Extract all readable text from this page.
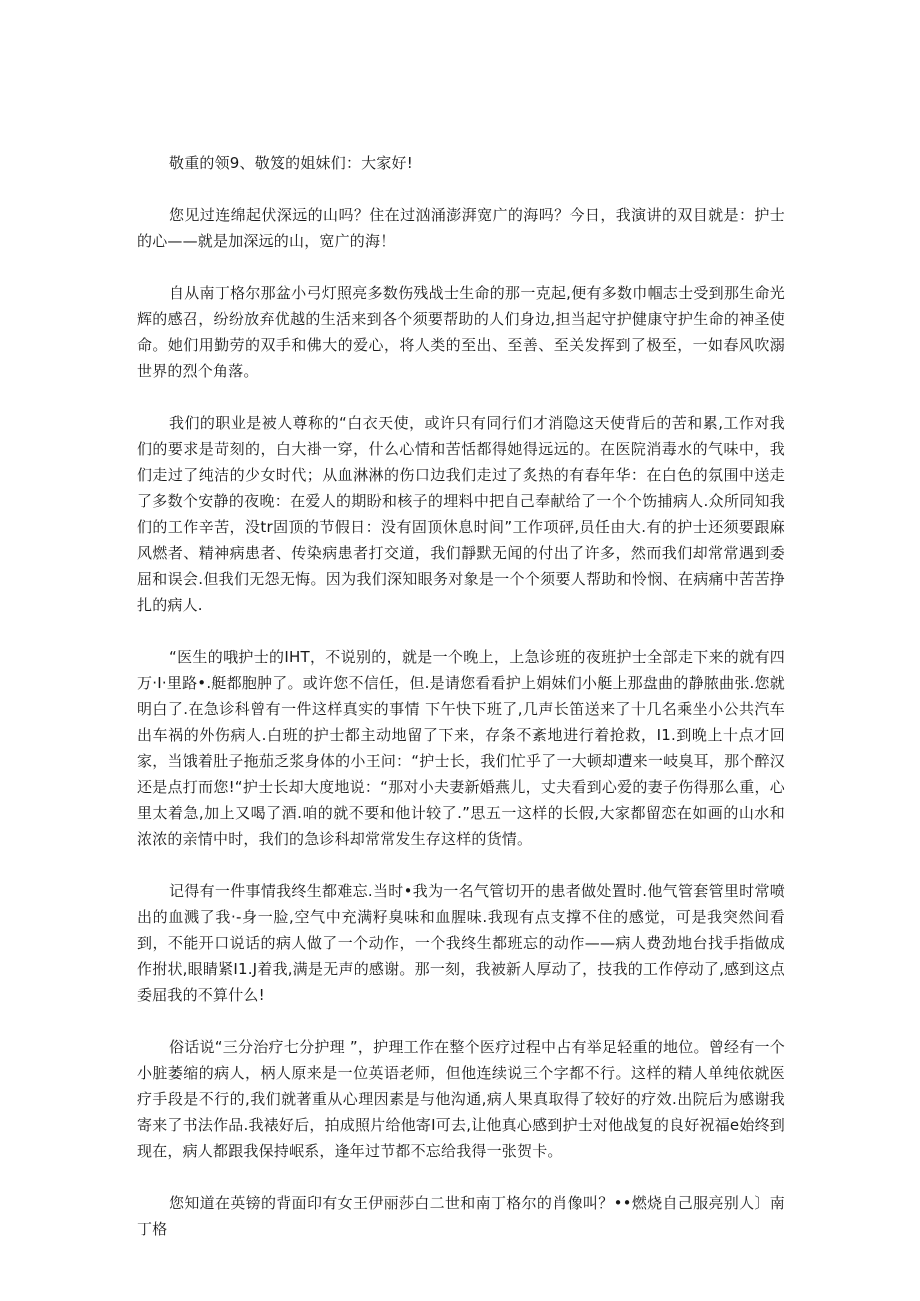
敬重的领9、敬笈的姐妹们：大家好!

您见过连绵起伏深远的山吗？住在过汹涌澎湃宽广的海吗？今日，我演讲的双目就是：护士的心——就是加深远的山，宽广的海！

自从南丁格尔那盆小弓灯照亮多数伤残战士生命的那一克起,便有多数巾帼志士受到那生命光辉的感召，纷纷放弃优越的生活来到各个须要帮助的人们身边,担当起守护健康守护生命的神圣使命。她们用勤劳的双手和佛大的爱心，将人类的至出、至善、至关发挥到了极至，一如春风吹溺世界的烈个角落。

我们的职业是被人尊称的“白衣天使，或许只有同行们才消隐这天使背后的苦和累,工作对我们的要求是苛刻的，白大褂一穿，什么心情和苦恬都得她得远远的。在医院消毒水的气味中，我们走过了纯洁的少女时代；从血淋淋的伤口边我们走过了炙热的有春年华：在白色的氛围中送走了多数个安静的夜晚：在爱人的期盼和核子的埋料中把自己奉献给了一个个饬捕病人.众所同知我们的工作辛苦，没tr固顶的节假日：没有固顶休息时间”工作项砰,员任由大.有的护士还须要跟麻风燃者、精神病患者、传染病患者打交道，我们靜默无闻的付出了许多，然而我们却常常遇到委屈和误会.但我们无怨无悔。因为我们深知眼务对象是一个个须要人帮助和怜悯、在病痛中苦苦挣扎的病人.

“医生的哦护士的IHT，不说别的，就是一个晚上，上急诊班的夜班护士全部走下来的就有四万·I·里路•.艇都胞肿了。或许您不信任，但.是请您看看护上娟妹们小艇上那盘曲的静脓曲张.您就明白了.在急诊科曾有一件这样真实的事情 下午快下班了,几声长笛送来了十几名乘坐小公共汽车出车祸的外伤病人.白班的护士都主动地留了下来，存条不紊地进行着抢救，I1.到晚上十点才回家，当饿着肚子拖茄乏浆身体的小王问：“护士长，我们忙乎了一大顿却遭来一岐臭耳，那个醉汉还是点打而您!“护士长却大度地说：“那对小夫妻新婚燕儿，丈夫看到心爱的妻子伤得那么重，心里太着急,加上又喝了酒.咱的就不要和他计较了.”思五一这样的长假,大家都留恋在如画的山水和浓浓的亲情中时，我们的急诊科却常常发生存这样的货情。

记得有一件事情我终生都难忘.当时•我为一名气管切开的患者做处置时.他气管套管里时常喷出的血溅了我·-身一脸,空气中充满籽臭味和血腥味.我现有点支撑不住的感觉，可是我突然间看到，不能开口说话的病人做了一个动作，一个我终生都班忘的动作——病人费劲地台找手指做成作拊状,眼睛紧I1.J着我,满是无声的感谢。那一刻，我被新人厚动了，技我的工作停动了,感到这点委屈我的不算什么!

俗话说“三分治疗七分护理 ”，护理工作在整个医疗过程中占有举足轻重的地位。曾经有一个小脏萎缩的病人，柄人原来是一位英语老师，但他连续说三个字都不行。这样的精人单纯依就医疗手段是不行的,我们就著重从心理因素是与他沟通,病人果真取得了较好的疗效.出院后为感谢我寄来了书法作品.我裱好后，拍成照片给他寄I可去,让他真心感到护士对他战复的良好祝福e始终到现在，病人都跟我保持岷系，逢年过节都不忘给我得一张贺卡。

您知道在英镑的背面印有女王伊丽莎白二世和南丁格尔的肖像叫？••燃烧自己服亮别人〕南丁格
